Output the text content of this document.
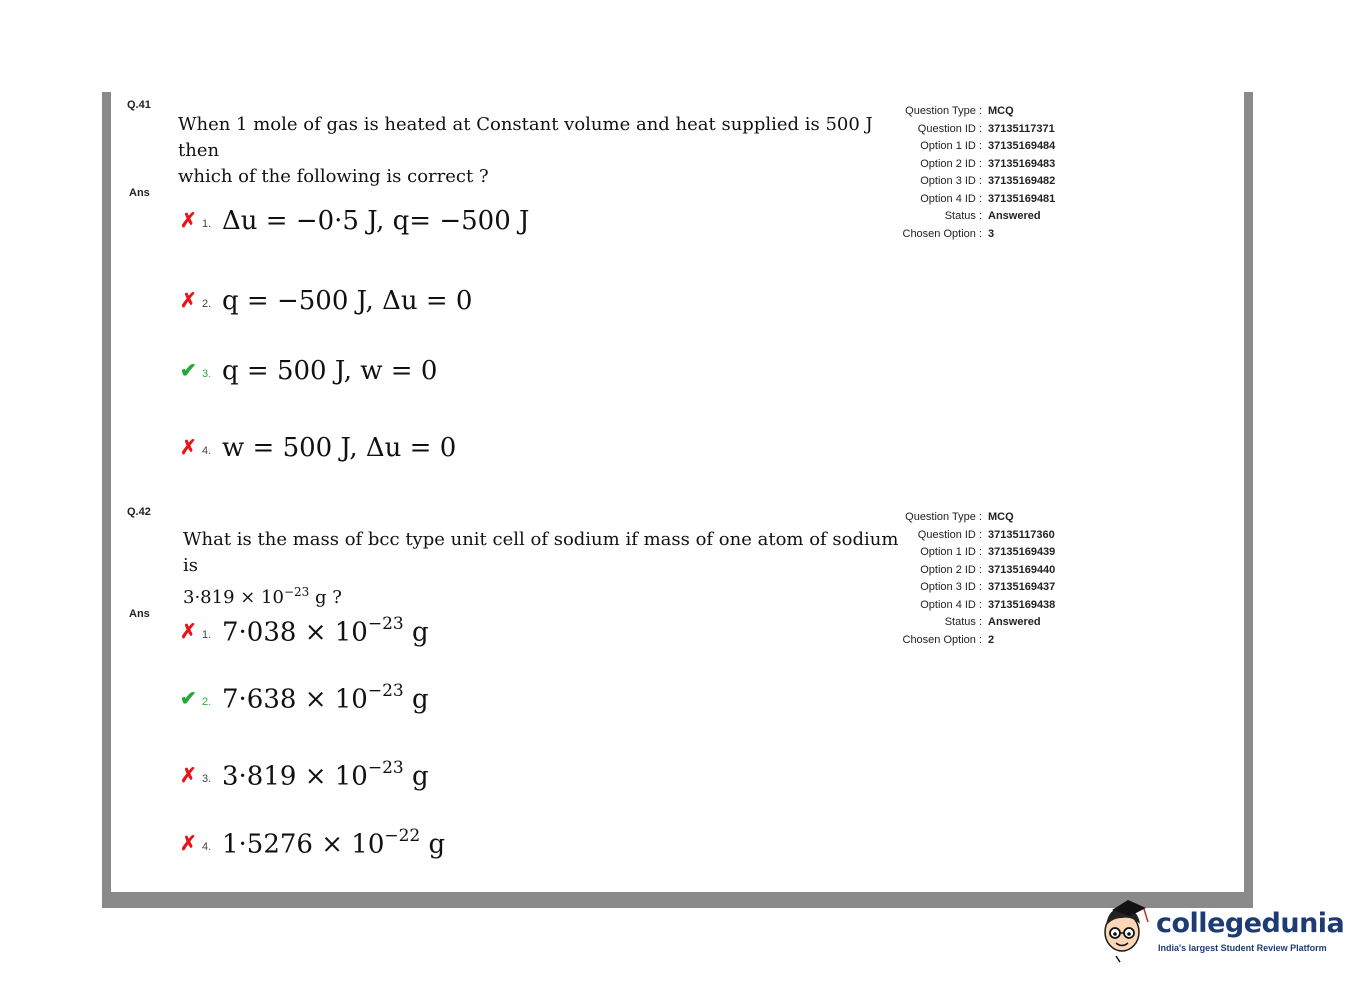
Q.41
When 1 mole of gas is heated at Constant volume and heat supplied is 500 J then
which of the following is correct ?
Ans
✗ 1. Δu = −0·5 J, q= −500 J
✗ 2. q = −500 J, Δu = 0
✔ 3. q = 500 J, w = 0
✗ 4. w = 500 J, Δu = 0
Question Type : MCQ
Question ID : 37135117371
Option 1 ID : 37135169484
Option 2 ID : 37135169483
Option 3 ID : 37135169482
Option 4 ID : 37135169481
Status : Answered
Chosen Option : 3
Q.42
What is the mass of bcc type unit cell of sodium if mass of one atom of sodium is
$3\cdot 819 \times 10^{-23}$ g ?
Ans
✗ 1. $7\cdot 038 \times 10^{-23}$ g
✔ 2. $7\cdot 638 \times 10^{-23}$ g
✗ 3. $3\cdot 819 \times 10^{-23}$ g
✗ 4. $1\cdot 5276 \times 10^{-22}$ g
Question Type : MCQ
Question ID : 37135117360
Option 1 ID : 37135169439
Option 2 ID : 37135169440
Option 3 ID : 37135169437
Option 4 ID : 37135169438
Status : Answered
Chosen Option : 2
collegedunia
India's largest Student Review Platform
